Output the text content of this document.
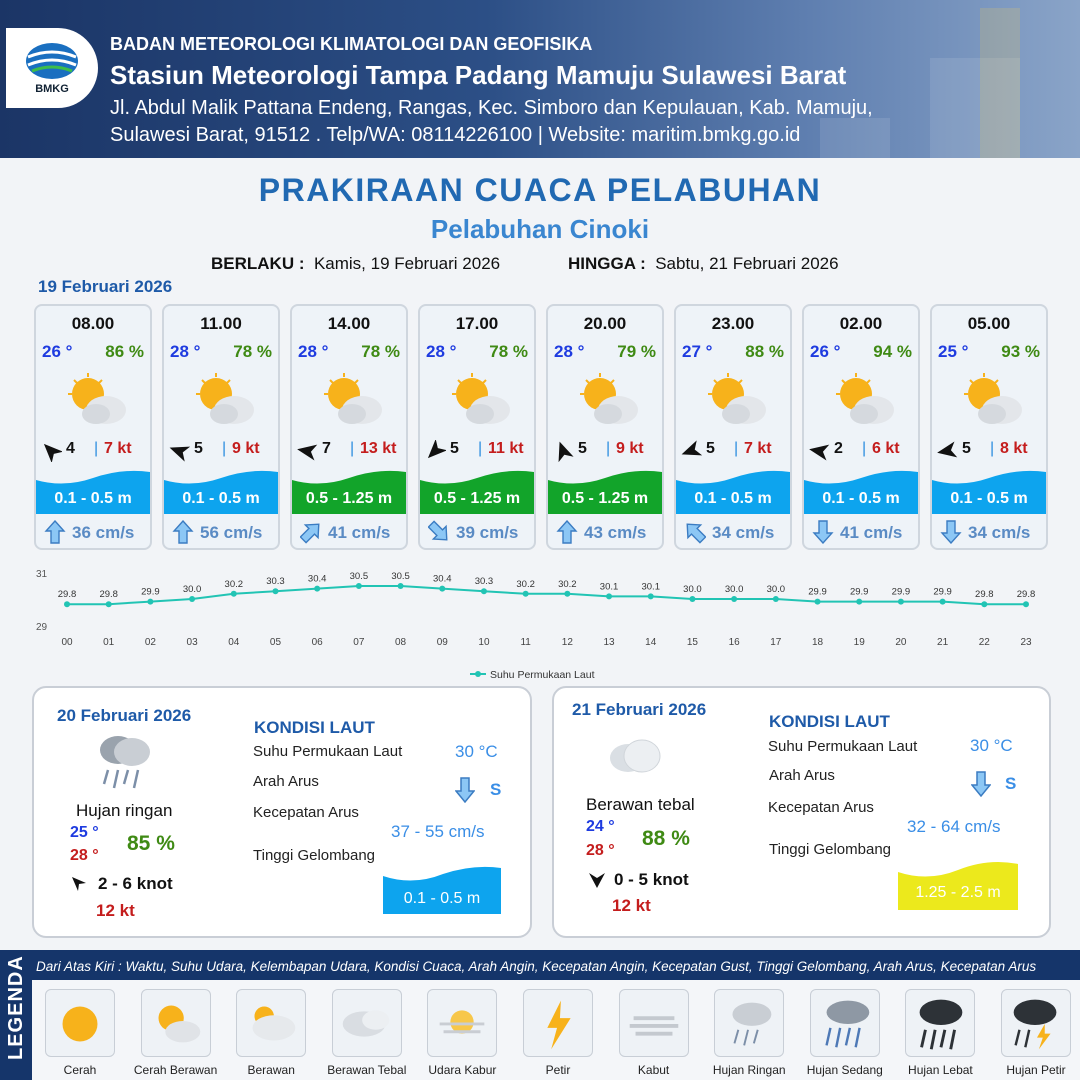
BMKG
BADAN METEOROLOGI KLIMATOLOGI DAN GEOFISIKA
Stasiun Meteorologi Tampa Padang Mamuju Sulawesi Barat
Jl. Abdul Malik Pattana Endeng, Rangas, Kec. Simboro dan Kepulauan, Kab. Mamuju,
Sulawesi Barat, 91512 . Telp/WA: 08114226100 | Website: maritim.bmkg.go.id
PRAKIRAAN CUACA PELABUHAN
Pelabuhan Cinoki
BERLAKU : Kamis, 19 Februari 2026	HINGGA : Sabtu, 21 Februari 2026
19 Februari 2026
08.00
26 ° 86 %
4 | 7 kt
0.1 - 0.5 m
36 cm/s
11.00
28 ° 78 %
5 | 9 kt
0.1 - 0.5 m
56 cm/s
14.00
28 ° 78 %
7 | 13 kt
0.5 - 1.25 m
41 cm/s
17.00
28 ° 78 %
5 | 11 kt
0.5 - 1.25 m
39 cm/s
20.00
28 ° 79 %
5 | 9 kt
0.5 - 1.25 m
43 cm/s
23.00
27 ° 88 %
5 | 7 kt
0.1 - 0.5 m
34 cm/s
02.00
26 ° 94 %
2 | 6 kt
0.1 - 0.5 m
41 cm/s
05.00
25 ° 93 %
5 | 8 kt
0.1 - 0.5 m
34 cm/s
31
29
29.8
00
29.8
01
29.9
02
30.0
03
30.2
04
30.3
05
30.4
06
30.5
07
30.5
08
30.4
09
30.3
10
30.2
11
30.2
12
30.1
13
30.1
14
30.0
15
30.0
16
30.0
17
29.9
18
29.9
19
29.9
20
29.9
21
29.8
22
29.8
23
Suhu Permukaan Laut
20 Februari 2026
Hujan ringan
25 °
28 °
85 %
2 - 6 knot
12 kt
KONDISI LAUT
Suhu Permukaan Laut	30 °C
Arah Arus	S
Kecepatan Arus
37 - 55 cm/s
Tinggi Gelombang
0.1 - 0.5 m
21 Februari 2026
Berawan tebal
24 °
28 °
88 %
0 - 5 knot
12 kt
KONDISI LAUT
Suhu Permukaan Laut	30 °C
Arah Arus	S
Kecepatan Arus
32 - 64 cm/s
Tinggi Gelombang
1.25 - 2.5 m
LEGENDA Dari Atas Kiri : Waktu, Suhu Udara, Kelembapan Udara, Kondisi Cuaca, Arah Angin, Kecepatan Angin, Kecepatan Gust, Tinggi Gelombang, Arah Arus, Kecepatan Arus
Cerah	Cerah Berawan	Berawan	Berawan Tebal	Udara Kabur	Petir	Kabut	Hujan Ringan	Hujan Sedang	Hujan Lebat	Hujan Petir
